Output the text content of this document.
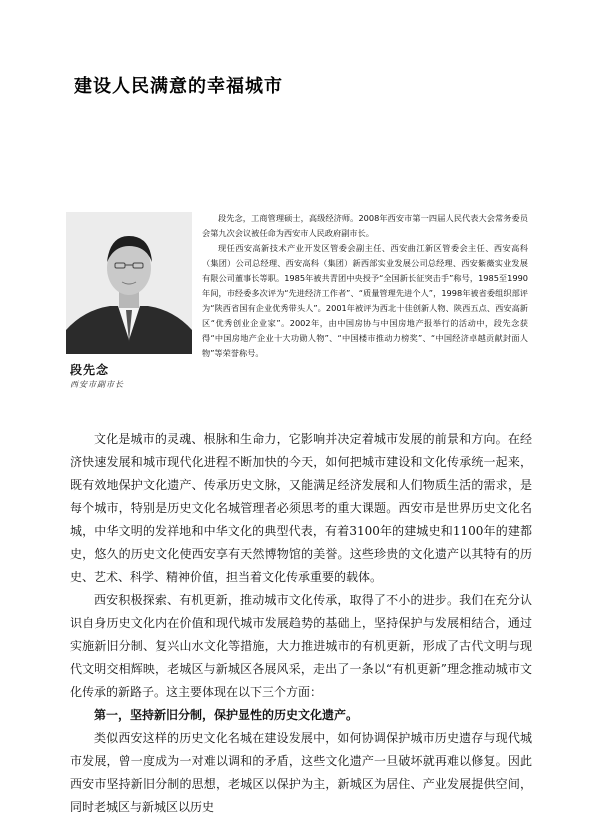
建设人民满意的幸福城市
段先念
西安市副市长

段先念，工商管理硕士，高级经济师。2008年西安市第一四届人民代表大会常务委员会第九次会议被任命为西安市人民政府副市长。

现任西安高新技术产业开发区管委会副主任、西安曲江新区管委会主任、西安高科（集团）公司总经理、西安高科（集团）新西部实业发展公司总经理、西安紫薇实业发展有限公司董事长等职。1985年被共青团中央授予“全国新长征突击手”称号，1985至1990年间，市经委多次评为“先进经济工作者”、“质量管理先进个人”，1998年被省委组织部评为“陕西省国有企业优秀带头人”。2001年被评为西北十佳创新人物、陕西五点、西安高新区“优秀创业企业家”。2002年，由中国房协与中国房地产报举行的活动中，段先念获得“中国房地产企业十大功勋人物”、“中国楼市推动力榜奖”、“中国经济卓越贡献封面人物”等荣誉称号。

文化是城市的灵魂、根脉和生命力，它影响并决定着城市发展的前景和方向。在经济快速发展和城市现代化进程不断加快的今天，如何把城市建设和文化传承统一起来，既有效地保护文化遗产、传承历史文脉，又能满足经济发展和人们物质生活的需求，是每个城市，特别是历史文化名城管理者必须思考的重大课题。西安市是世界历史文化名城，中华文明的发祥地和中华文化的典型代表，有着3100年的建城史和1100年的建都史，悠久的历史文化使西安享有天然博物馆的美誉。这些珍贵的文化遗产以其特有的历史、艺术、科学、精神价值，担当着文化传承重要的载体。

西安积极探索、有机更新，推动城市文化传承，取得了不小的进步。我们在充分认识自身历史文化内在价值和现代城市发展趋势的基础上，坚持保护与发展相结合，通过实施新旧分制、复兴山水文化等措施，大力推进城市的有机更新，形成了古代文明与现代文明交相辉映，老城区与新城区各展风采，走出了一条以“有机更新”理念推动城市文化传承的新路子。这主要体现在以下三个方面：

第一，坚持新旧分制，保护显性的历史文化遗产。

类似西安这样的历史文化名城在建设发展中，如何协调保护城市历史遗存与现代城市发展，曾一度成为一对难以调和的矛盾，这些文化遗产一旦破坏就再难以修复。因此西安市坚持新旧分制的思想，老城区以保护为主，新城区为居住、产业发展提供空间，同时老城区与新城区以历史
